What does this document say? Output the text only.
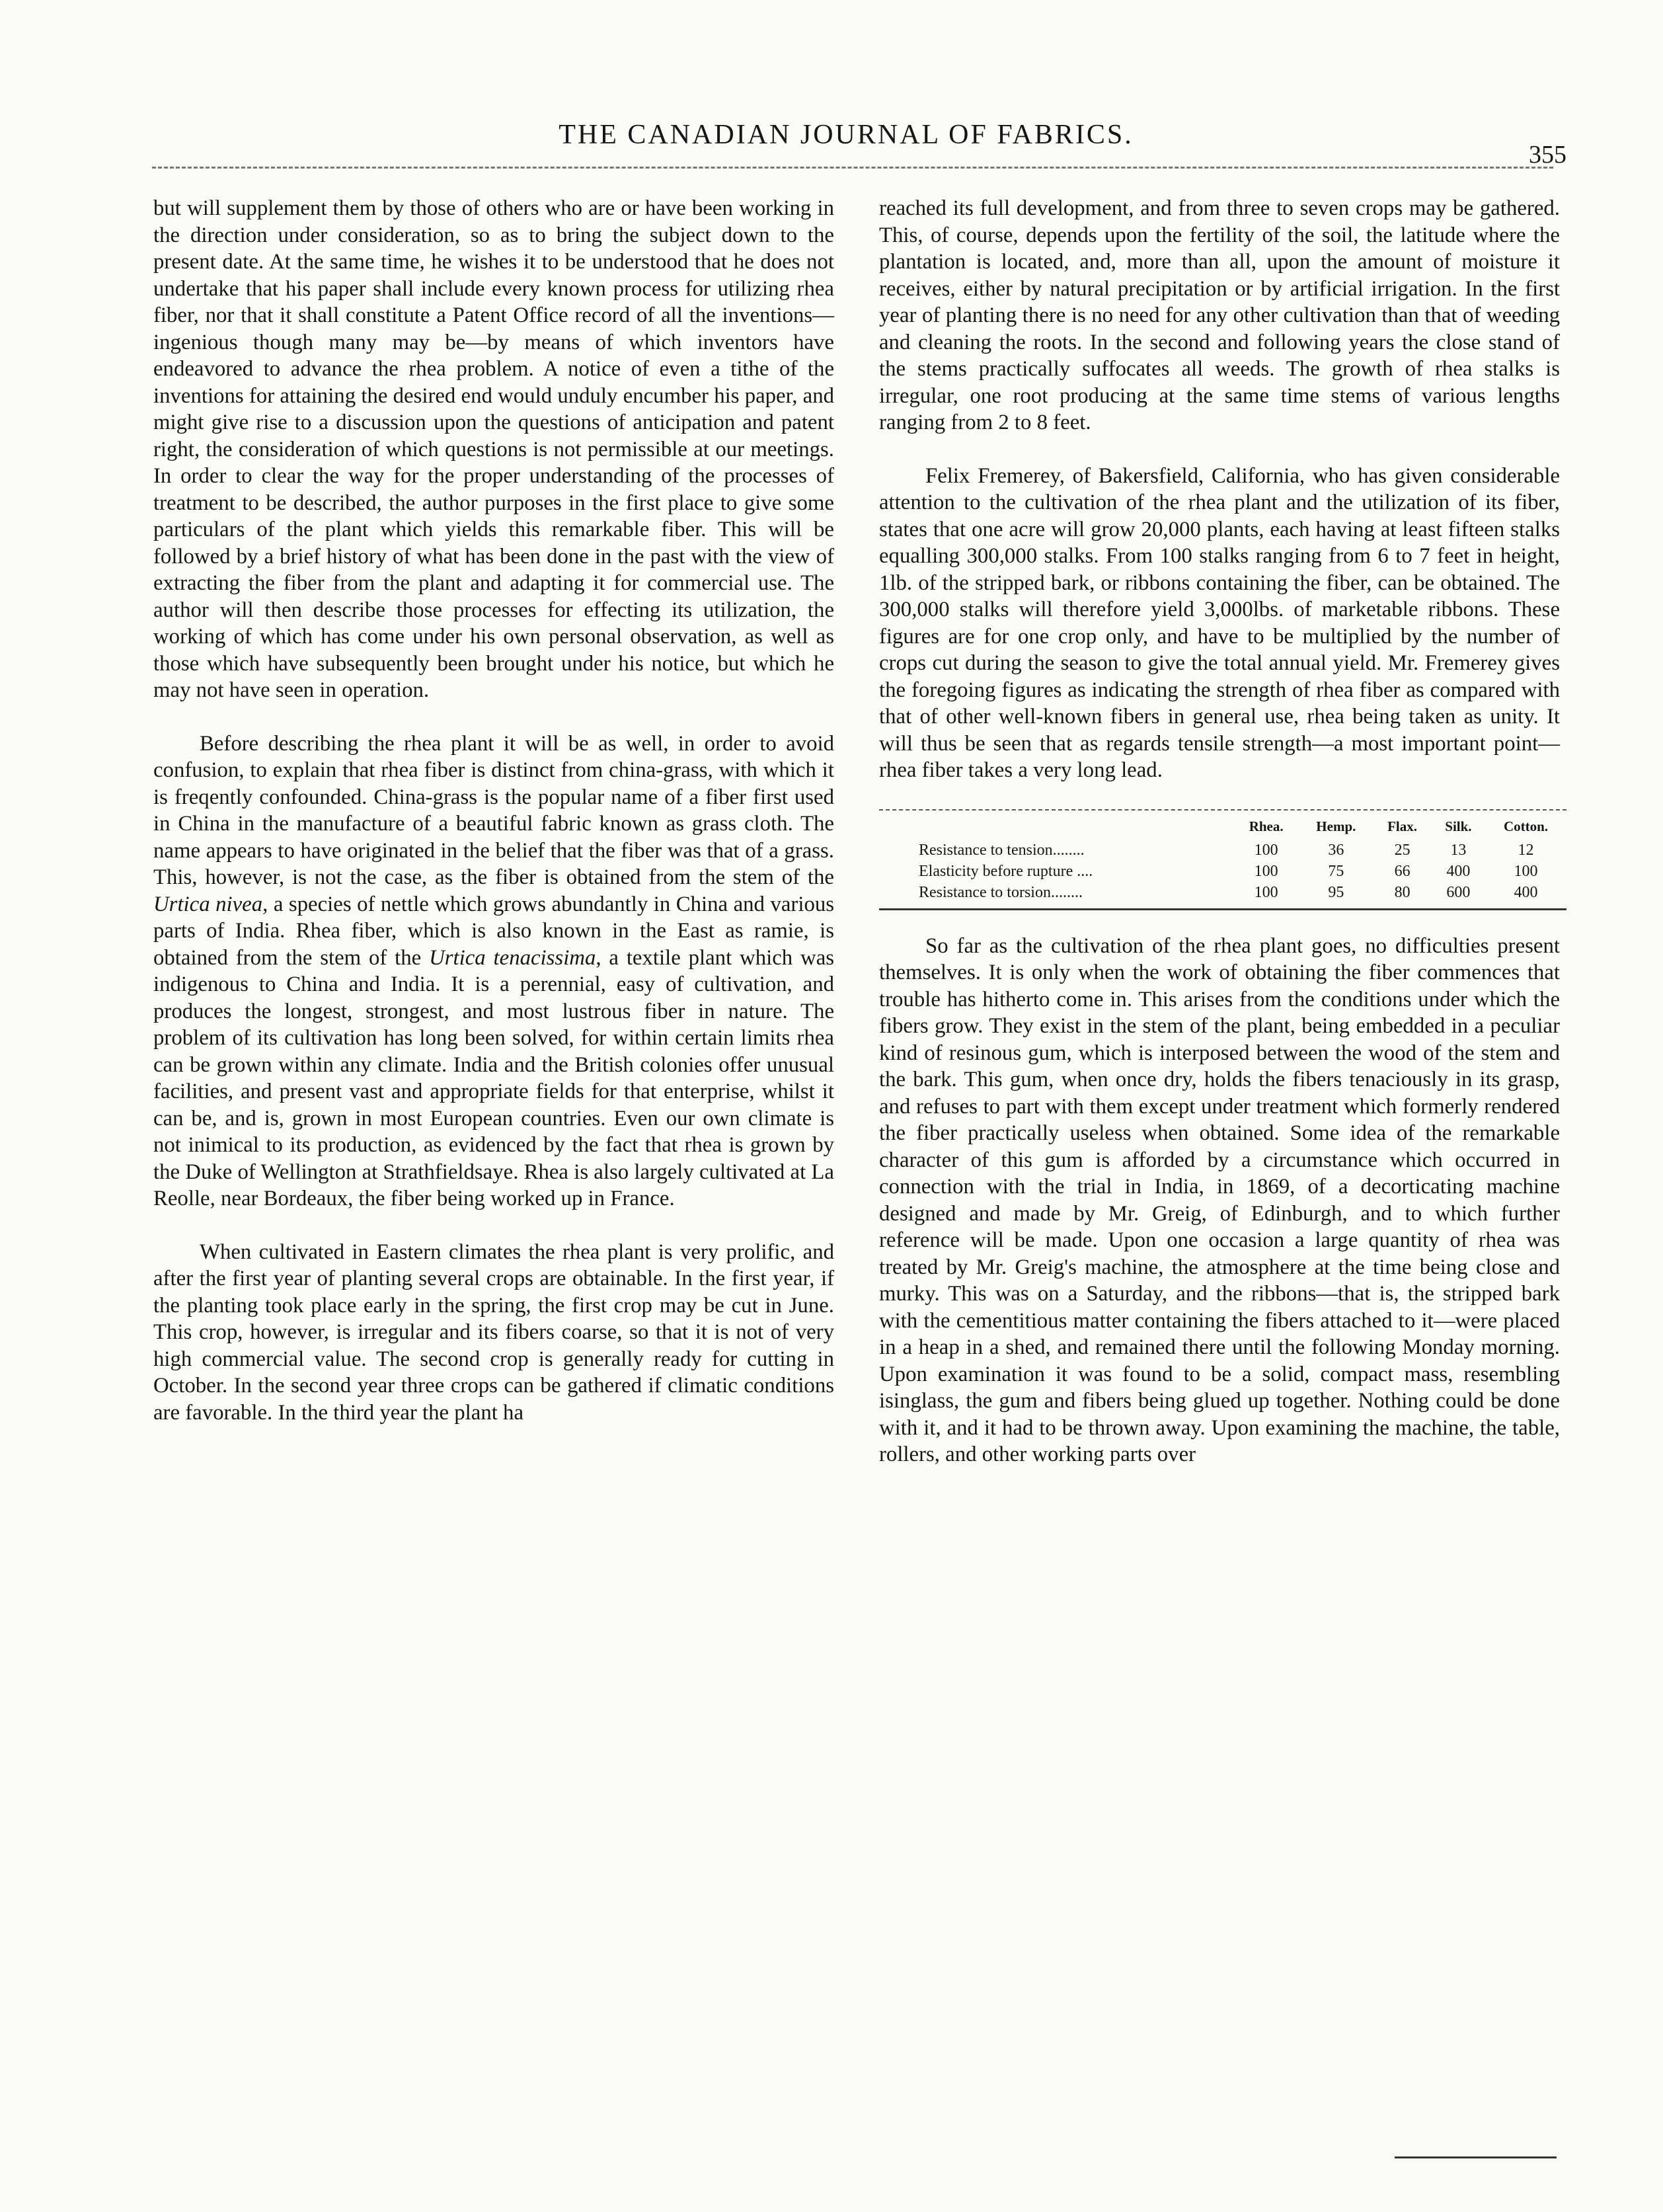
THE CANADIAN JOURNAL OF FABRICS.
355

but will supplement them by those of others who are or have been working in the direction under consideration, so as to bring the subject down to the present date. At the same time, he wishes it to be understood that he does not undertake that his paper shall include every known process for utilizing rhea fiber, nor that it shall constitute a Patent Office record of all the inventions—ingenious though many may be—by means of which inventors have endeavored to advance the rhea problem. A notice of even a tithe of the inventions for attaining the desired end would unduly encumber his paper, and might give rise to a discussion upon the questions of anticipation and patent right, the consideration of which questions is not permissible at our meetings. In order to clear the way for the proper understanding of the processes of treatment to be described, the author purposes in the first place to give some particulars of the plant which yields this remarkable fiber. This will be followed by a brief history of what has been done in the past with the view of extracting the fiber from the plant and adapting it for commercial use. The author will then describe those processes for effecting its utilization, the working of which has come under his own personal observation, as well as those which have subsequently been brought under his notice, but which he may not have seen in operation.

Before describing the rhea plant it will be as well, in order to avoid confusion, to explain that rhea fiber is distinct from china-grass, with which it is freqently confounded. China-grass is the popular name of a fiber first used in China in the manufacture of a beautiful fabric known as grass cloth. The name appears to have originated in the belief that the fiber was that of a grass. This, however, is not the case, as the fiber is obtained from the stem of the Urtica nivea, a species of nettle which grows abundantly in China and various parts of India. Rhea fiber, which is also known in the East as ramie, is obtained from the stem of the Urtica tenacissima, a textile plant which was indigenous to China and India. It is a perennial, easy of cultivation, and produces the longest, strongest, and most lustrous fiber in nature. The problem of its cultivation has long been solved, for within certain limits rhea can be grown within any climate. India and the British colonies offer unusual facilities, and present vast and appropriate fields for that enterprise, whilst it can be, and is, grown in most European countries. Even our own climate is not inimical to its production, as evidenced by the fact that rhea is grown by the Duke of Wellington at Strathfieldsaye. Rhea is also largely cultivated at La Reolle, near Bordeaux, the fiber being worked up in France.

When cultivated in Eastern climates the rhea plant is very prolific, and after the first year of planting several crops are obtainable. In the first year, if the planting took place early in the spring, the first crop may be cut in June. This crop, however, is irregular and its fibers coarse, so that it is not of very high commercial value. The second crop is generally ready for cutting in October. In the second year three crops can be gathered if climatic conditions are favorable. In the third year the plant ha

reached its full development, and from three to seven crops may be gathered. This, of course, depends upon the fertility of the soil, the latitude where the plantation is located, and, more than all, upon the amount of moisture it receives, either by natural precipitation or by artificial irrigation. In the first year of planting there is no need for any other cultivation than that of weeding and cleaning the roots. In the second and following years the close stand of the stems practically suffocates all weeds. The growth of rhea stalks is irregular, one root producing at the same time stems of various lengths ranging from 2 to 8 feet.

Felix Fremerey, of Bakersfield, California, who has given considerable attention to the cultivation of the rhea plant and the utilization of its fiber, states that one acre will grow 20,000 plants, each having at least fifteen stalks equalling 300,000 stalks. From 100 stalks ranging from 6 to 7 feet in height, 1lb. of the stripped bark, or ribbons containing the fiber, can be obtained. The 300,000 stalks will therefore yield 3,000lbs. of marketable ribbons. These figures are for one crop only, and have to be multiplied by the number of crops cut during the season to give the total annual yield. Mr. Fremerey gives the foregoing figures as indicating the strength of rhea fiber as compared with that of other well-known fibers in general use, rhea being taken as unity. It will thus be seen that as regards tensile strength—a most important point—rhea fiber takes a very long lead.

	Rhea.	Hemp.	Flax.	Silk.	Cotton.
Resistance to tension........	100	36	25	13	12
Elasticity before rupture ....	100	75	66	400	100
Resistance to torsion........	100	95	80	600	400

So far as the cultivation of the rhea plant goes, no difficulties present themselves. It is only when the work of obtaining the fiber commences that trouble has hitherto come in. This arises from the conditions under which the fibers grow. They exist in the stem of the plant, being embedded in a peculiar kind of resinous gum, which is interposed between the wood of the stem and the bark. This gum, when once dry, holds the fibers tenaciously in its grasp, and refuses to part with them except under treatment which formerly rendered the fiber practically useless when obtained. Some idea of the remarkable character of this gum is afforded by a circumstance which occurred in connection with the trial in India, in 1869, of a decorticating machine designed and made by Mr. Greig, of Edinburgh, and to which further reference will be made. Upon one occasion a large quantity of rhea was treated by Mr. Greig's machine, the atmosphere at the time being close and murky. This was on a Saturday, and the ribbons—that is, the stripped bark with the cementitious matter containing the fibers attached to it—were placed in a heap in a shed, and remained there until the following Monday morning. Upon examination it was found to be a solid, compact mass, resembling isinglass, the gum and fibers being glued up together. Nothing could be done with it, and it had to be thrown away. Upon examining the machine, the table, rollers, and other working parts over
